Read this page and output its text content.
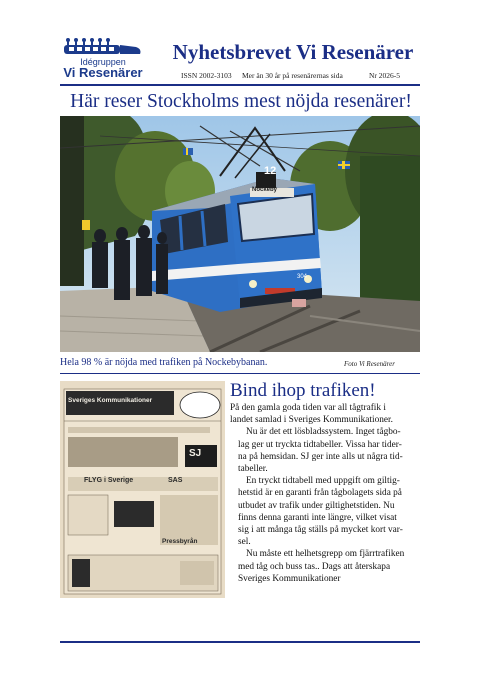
Idégruppen
Vi Resenärer
Nyhetsbrevet Vi Resenärer
ISSN 2002-3103 Mer än 30 år på resenärernas sida	Nr 2026-5
Här reser Stockholms mest nöjda resenärer!
12
Nockeby
304
Hela 98 % är nöjda med trafiken på Nockebybanan.	Foto Vi Resenärer
Sveriges Kommunikationer
SJ
FLYG i Sverige	SAS
Pressbyrån
Bind ihop trafiken!

På den gamla goda tiden var all tågtrafik i
landet samlad i Sveriges Kommunikationer.

Nu är det ett lösbladssystem. Inget tågbo-
lag ger ut tryckta tidtabeller. Vissa har tider-
na på hemsidan. SJ ger inte alls ut några tid-
tabeller.

En tryckt tidtabell med uppgift om giltig-
hetstid är en garanti från tågbolagets sida på
utbudet av trafik under giltighetstiden. Nu
finns denna garanti inte längre, vilket visat
sig i att många tåg ställs på mycket kort var-
sel.

Nu måste ett helhetsgrepp om fjärrtrafiken
med tåg och buss tas.. Dags att återskapa
Sveriges Kommunikationer
